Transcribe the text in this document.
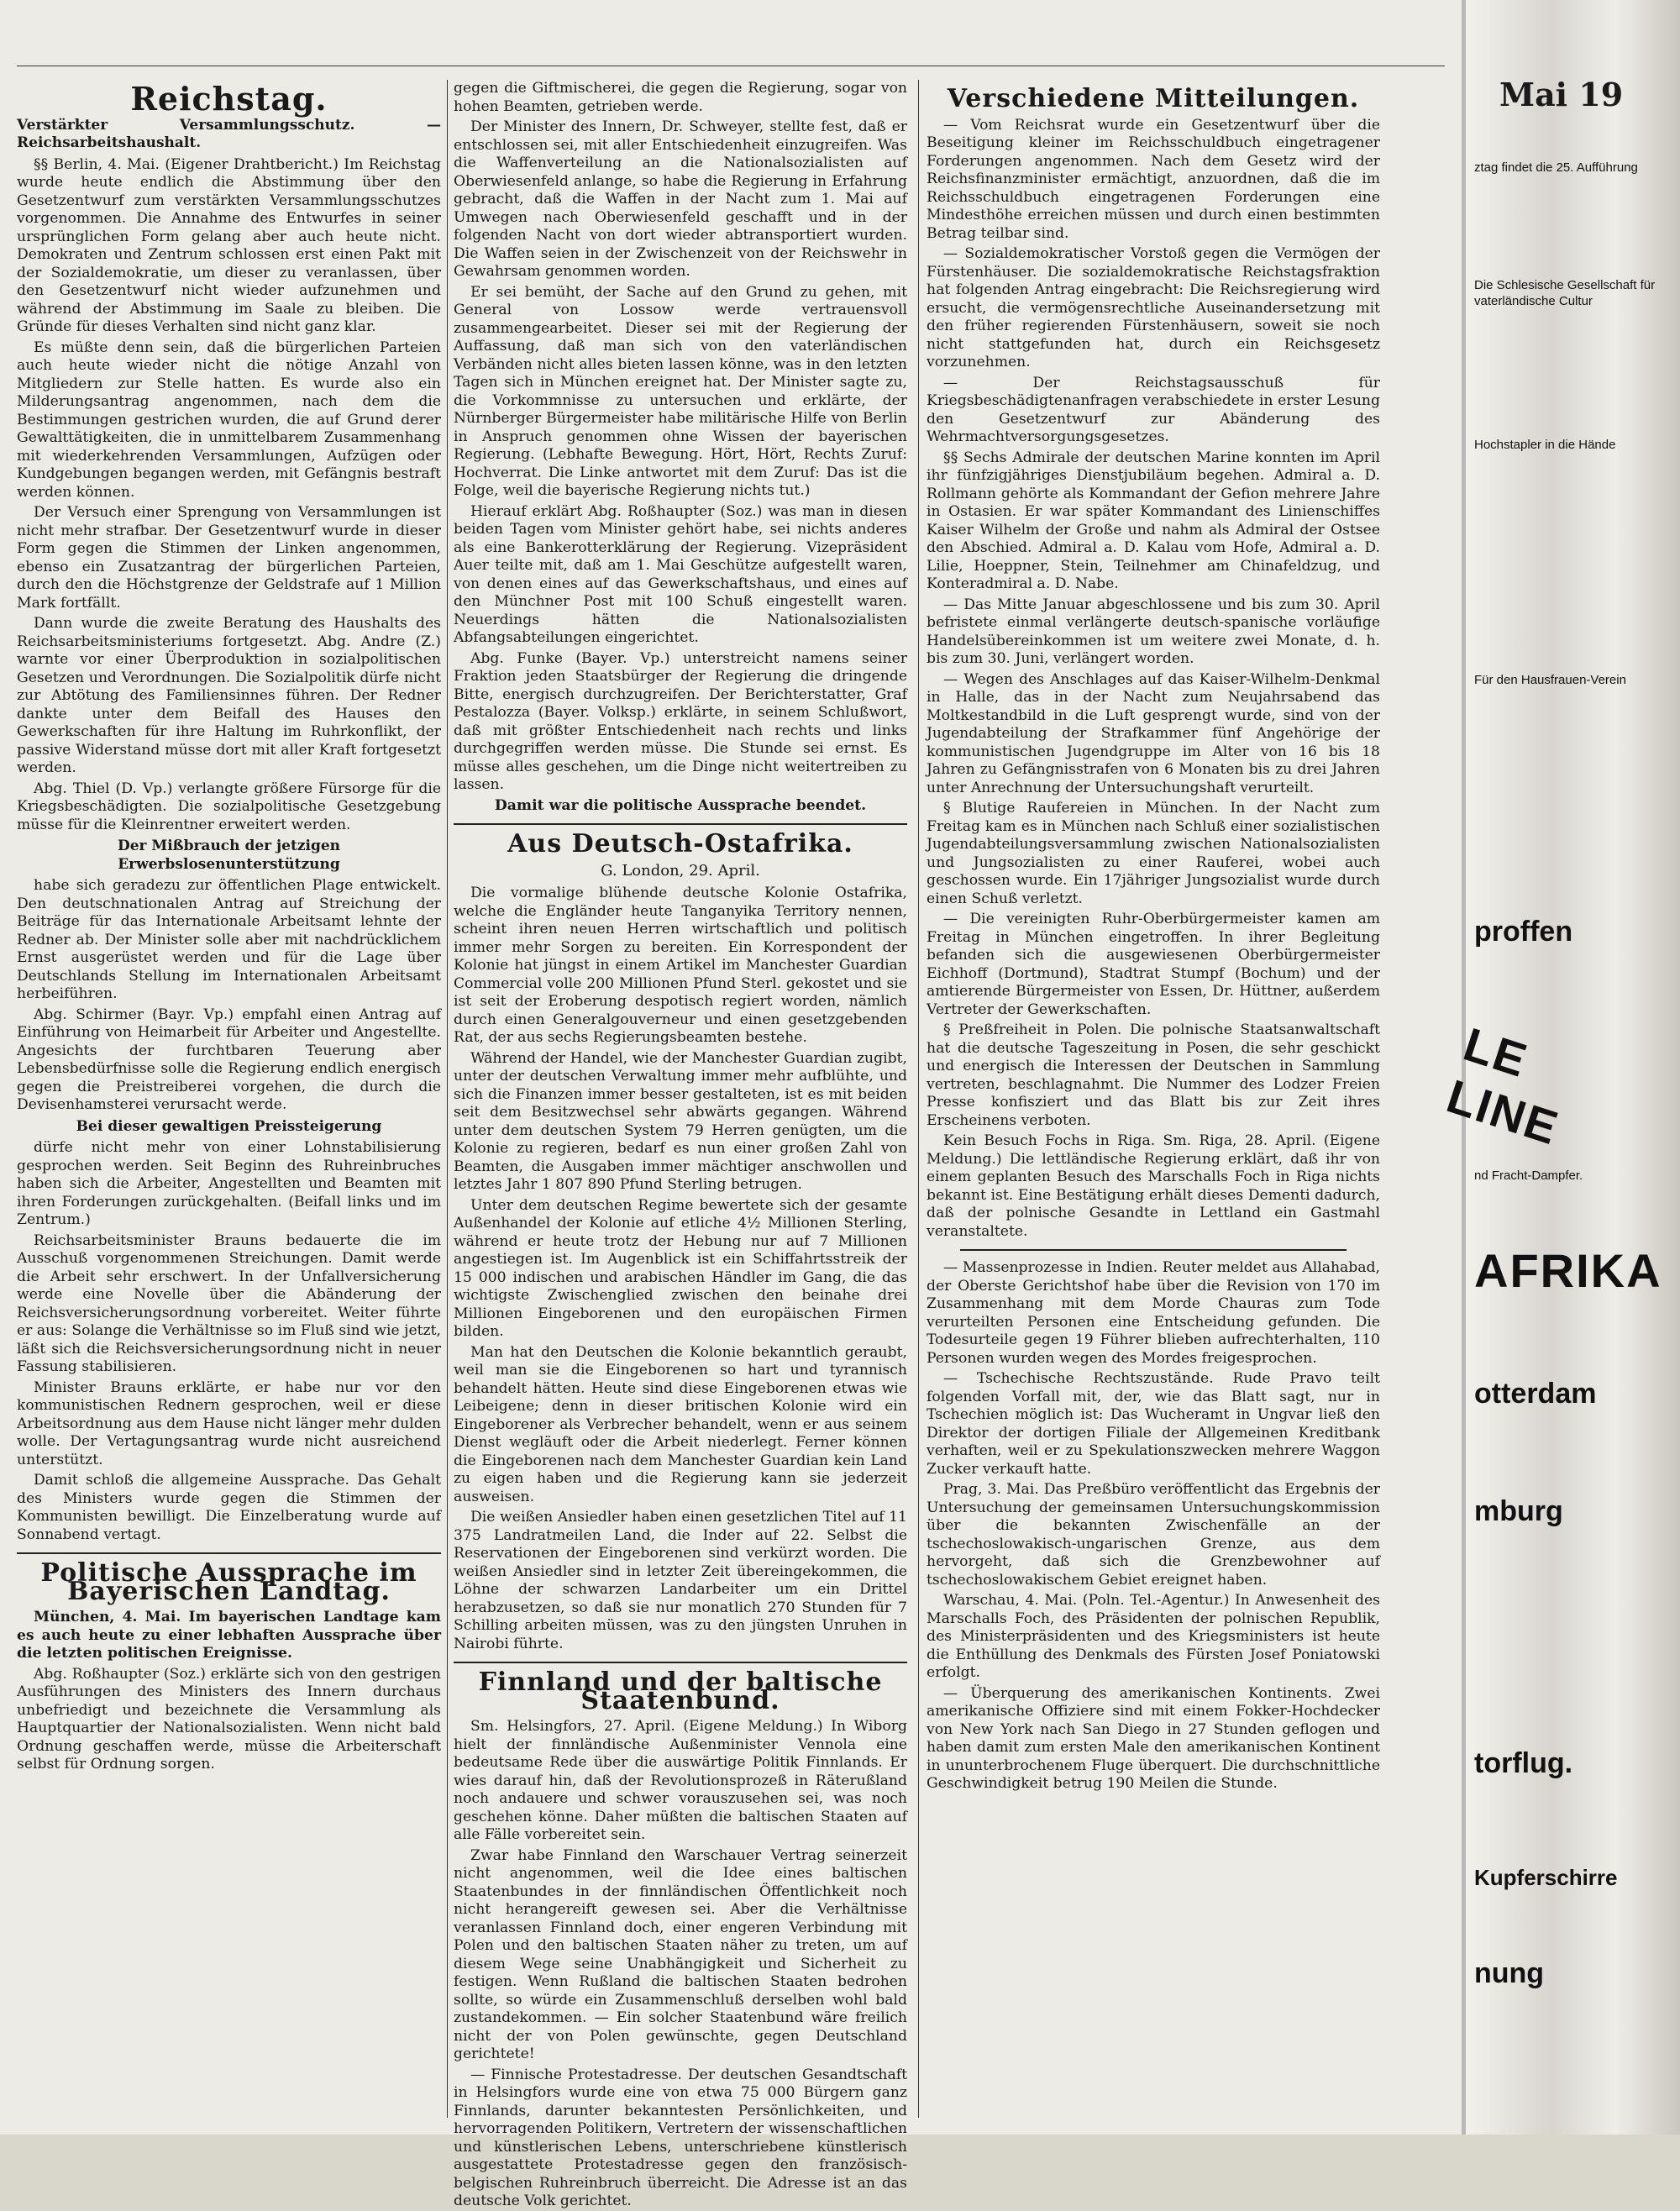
Reichstag.
Verstärkter Versammlungsschutz. — Reichsarbeitshaushalt.

§§ Berlin, 4. Mai. (Eigener Drahtbericht.) Im Reichstag wurde heute endlich die Abstimmung über den Gesetzentwurf zum verstärkten Versammlungsschutzes vorgenommen. Die Annahme des Entwurfes in seiner ursprünglichen Form gelang aber auch heute nicht. Demokraten und Zentrum schlossen erst einen Pakt mit der Sozialdemokratie, um dieser zu veranlassen, über den Gesetzentwurf nicht wieder aufzunehmen und während der Abstimmung im Saale zu bleiben. Die Gründe für dieses Verhalten sind nicht ganz klar.

Es müßte denn sein, daß die bürgerlichen Parteien auch heute wieder nicht die nötige Anzahl von Mitgliedern zur Stelle hatten. Es wurde also ein Milderungsantrag angenommen, nach dem die Bestimmungen gestrichen wurden, die auf Grund derer Gewalttätigkeiten, die in unmittelbarem Zusammenhang mit wiederkehrenden Versammlungen, Aufzügen oder Kundgebungen begangen werden, mit Gefängnis bestraft werden können.

Der Versuch einer Sprengung von Versammlungen ist nicht mehr strafbar. Der Gesetzentwurf wurde in dieser Form gegen die Stimmen der Linken angenommen, ebenso ein Zusatzantrag der bürgerlichen Parteien, durch den die Höchstgrenze der Geldstrafe auf 1 Million Mark fortfällt.

Dann wurde die zweite Beratung des Haushalts des Reichsarbeitsministeriums fortgesetzt. Abg. Andre (Z.) warnte vor einer Überproduktion in sozialpolitischen Gesetzen und Verordnungen. Die Sozialpolitik dürfe nicht zur Abtötung des Familiensinnes führen. Der Redner dankte unter dem Beifall des Hauses den Gewerkschaften für ihre Haltung im Ruhrkonflikt, der passive Widerstand müsse dort mit aller Kraft fortgesetzt werden.

Abg. Thiel (D. Vp.) verlangte größere Fürsorge für die Kriegsbeschädigten. Die sozialpolitische Gesetzgebung müsse für die Kleinrentner erweitert werden.

Der Mißbrauch der jetzigen Erwerbslosenunterstützung

habe sich geradezu zur öffentlichen Plage entwickelt. Den deutschnationalen Antrag auf Streichung der Beiträge für das Internationale Arbeitsamt lehnte der Redner ab. Der Minister solle aber mit nachdrücklichem Ernst ausgerüstet werden und für die Lage über Deutschlands Stellung im Internationalen Arbeitsamt herbeiführen.

Abg. Schirmer (Bayr. Vp.) empfahl einen Antrag auf Einführung von Heimarbeit für Arbeiter und Angestellte. Angesichts der furchtbaren Teuerung aber Lebensbedürfnisse solle die Regierung endlich energisch gegen die Preistreiberei vorgehen, die durch die Devisenhamsterei verursacht werde.

Bei dieser gewaltigen Preissteigerung

dürfe nicht mehr von einer Lohnstabilisierung gesprochen werden. Seit Beginn des Ruhreinbruches haben sich die Arbeiter, Angestellten und Beamten mit ihren Forderungen zurückgehalten. (Beifall links und im Zentrum.)

Reichsarbeitsminister Brauns bedauerte die im Ausschuß vorgenommenen Streichungen. Damit werde die Arbeit sehr erschwert. In der Unfallversicherung werde eine Novelle über die Abänderung der Reichsversicherungsordnung vorbereitet. Weiter führte er aus: Solange die Verhältnisse so im Fluß sind wie jetzt, läßt sich die Reichsversicherungsordnung nicht in neuer Fassung stabilisieren.

Minister Brauns erklärte, er habe nur vor den kommunistischen Rednern gesprochen, weil er diese Arbeitsordnung aus dem Hause nicht länger mehr dulden wolle. Der Vertagungsantrag wurde nicht ausreichend unterstützt.

Damit schloß die allgemeine Aussprache. Das Gehalt des Ministers wurde gegen die Stimmen der Kommunisten bewilligt. Die Einzelberatung wurde auf Sonnabend vertagt.

Politische Aussprache im Bayerischen Landtag.

München, 4. Mai. Im bayerischen Landtage kam es auch heute zu einer lebhaften Aussprache über die letzten politischen Ereignisse.

Abg. Roßhaupter (Soz.) erklärte sich von den gestrigen Ausführungen des Ministers des Innern durchaus unbefriedigt und bezeichnete die Versammlung als Hauptquartier der Nationalsozialisten. Wenn nicht bald Ordnung geschaffen werde, müsse die Arbeiterschaft selbst für Ordnung sorgen.

gegen die Giftmischerei, die gegen die Regierung, sogar von hohen Beamten, getrieben werde.

Der Minister des Innern, Dr. Schweyer, stellte fest, daß er entschlossen sei, mit aller Entschiedenheit einzugreifen. Was die Waffenverteilung an die Nationalsozialisten auf Oberwiesenfeld anlange, so habe die Regierung in Erfahrung gebracht, daß die Waffen in der Nacht zum 1. Mai auf Umwegen nach Oberwiesenfeld geschafft und in der folgenden Nacht von dort wieder abtransportiert wurden. Die Waffen seien in der Zwischenzeit von der Reichswehr in Gewahrsam genommen worden.

Er sei bemüht, der Sache auf den Grund zu gehen, mit General von Lossow werde vertrauensvoll zusammengearbeitet. Dieser sei mit der Regierung der Auffassung, daß man sich von den vaterländischen Verbänden nicht alles bieten lassen könne, was in den letzten Tagen sich in München ereignet hat. Der Minister sagte zu, die Vorkommnisse zu untersuchen und erklärte, der Nürnberger Bürgermeister habe militärische Hilfe von Berlin in Anspruch genommen ohne Wissen der bayerischen Regierung. (Lebhafte Bewegung. Hört, Hört, Rechts Zuruf: Hochverrat. Die Linke antwortet mit dem Zuruf: Das ist die Folge, weil die bayerische Regierung nichts tut.)

Hierauf erklärt Abg. Roßhaupter (Soz.) was man in diesen beiden Tagen vom Minister gehört habe, sei nichts anderes als eine Bankerotterklärung der Regierung. Vizepräsident Auer teilte mit, daß am 1. Mai Geschütze aufgestellt waren, von denen eines auf das Gewerkschaftshaus, und eines auf den Münchner Post mit 100 Schuß eingestellt waren. Neuerdings hätten die Nationalsozialisten Abfangsabteilungen eingerichtet.

Abg. Funke (Bayer. Vp.) unterstreicht namens seiner Fraktion jeden Staatsbürger der Regierung die dringende Bitte, energisch durchzugreifen. Der Berichterstatter, Graf Pestalozza (Bayer. Volksp.) erklärte, in seinem Schlußwort, daß mit größter Entschiedenheit nach rechts und links durchgegriffen werden müsse. Die Stunde sei ernst. Es müsse alles geschehen, um die Dinge nicht weitertreiben zu lassen.

Damit war die politische Aussprache beendet.

Aus Deutsch-Ostafrika.
G. London, 29. April.

Die vormalige blühende deutsche Kolonie Ostafrika, welche die Engländer heute Tanganyika Territory nennen, scheint ihren neuen Herren wirtschaftlich und politisch immer mehr Sorgen zu bereiten. Ein Korrespondent der Kolonie hat jüngst in einem Artikel im Manchester Guardian Commercial volle 200 Millionen Pfund Sterl. gekostet und sie ist seit der Eroberung despotisch regiert worden, nämlich durch einen Generalgouverneur und einen gesetzgebenden Rat, der aus sechs Regierungsbeamten bestehe.

Während der Handel, wie der Manchester Guardian zugibt, unter der deutschen Verwaltung immer mehr aufblühte, und sich die Finanzen immer besser gestalteten, ist es mit beiden seit dem Besitzwechsel sehr abwärts gegangen. Während unter dem deutschen System 79 Herren genügten, um die Kolonie zu regieren, bedarf es nun einer großen Zahl von Beamten, die Ausgaben immer mächtiger anschwollen und letztes Jahr 1 807 890 Pfund Sterling betrugen.

Unter dem deutschen Regime bewertete sich der gesamte Außenhandel der Kolonie auf etliche 4½ Millionen Sterling, während er heute trotz der Hebung nur auf 7 Millionen angestiegen ist. Im Augenblick ist ein Schiffahrtsstreik der 15 000 indischen und arabischen Händler im Gang, die das wichtigste Zwischenglied zwischen den beinahe drei Millionen Eingeborenen und den europäischen Firmen bilden.

Man hat den Deutschen die Kolonie bekanntlich geraubt, weil man sie die Eingeborenen so hart und tyrannisch behandelt hätten. Heute sind diese Eingeborenen etwas wie Leibeigene; denn in dieser britischen Kolonie wird ein Eingeborener als Verbrecher behandelt, wenn er aus seinem Dienst wegläuft oder die Arbeit niederlegt. Ferner können die Eingeborenen nach dem Manchester Guardian kein Land zu eigen haben und die Regierung kann sie jederzeit ausweisen.

Die weißen Ansiedler haben einen gesetzlichen Titel auf 11 375 Landratmeilen Land, die Inder auf 22. Selbst die Reservationen der Eingeborenen sind verkürzt worden. Die weißen Ansiedler sind in letzter Zeit übereingekommen, die Löhne der schwarzen Landarbeiter um ein Drittel herabzusetzen, so daß sie nur monatlich 270 Stunden für 7 Schilling arbeiten müssen, was zu den jüngsten Unruhen in Nairobi führte.

Finnland und der baltische Staatenbund.

Sm. Helsingfors, 27. April. (Eigene Meldung.) In Wiborg hielt der finnländische Außenminister Vennola eine bedeutsame Rede über die auswärtige Politik Finnlands. Er wies darauf hin, daß der Revolutionsprozeß in Räterußland noch andauere und schwer vorauszusehen sei, was noch geschehen könne. Daher müßten die baltischen Staaten auf alle Fälle vorbereitet sein.

Zwar habe Finnland den Warschauer Vertrag seinerzeit nicht angenommen, weil die Idee eines baltischen Staatenbundes in der finnländischen Öffentlichkeit noch nicht herangereift gewesen sei. Aber die Verhältnisse veranlassen Finnland doch, einer engeren Verbindung mit Polen und den baltischen Staaten näher zu treten, um auf diesem Wege seine Unabhängigkeit und Sicherheit zu festigen. Wenn Rußland die baltischen Staaten bedrohen sollte, so würde ein Zusammenschluß derselben wohl bald zustandekommen. — Ein solcher Staatenbund wäre freilich nicht der von Polen gewünschte, gegen Deutschland gerichtete!

— Finnische Protestadresse. Der deutschen Gesandtschaft in Helsingfors wurde eine von etwa 75 000 Bürgern ganz Finnlands, darunter bekanntesten Persönlichkeiten, und hervorragenden Politikern, Vertretern der wissenschaftlichen und künstlerischen Lebens, unterschriebene künstlerisch ausgestattete Protestadresse gegen den französisch-belgischen Ruhreinbruch überreicht. Die Adresse ist an das deutsche Volk gerichtet.

Verschiedene Mitteilungen.

— Vom Reichsrat wurde ein Gesetzentwurf über die Beseitigung kleiner im Reichsschuldbuch eingetragener Forderungen angenommen. Nach dem Gesetz wird der Reichsfinanzminister ermächtigt, anzuordnen, daß die im Reichsschuldbuch eingetragenen Forderungen eine Mindesthöhe erreichen müssen und durch einen bestimmten Betrag teilbar sind.

— Sozialdemokratischer Vorstoß gegen die Vermögen der Fürstenhäuser. Die sozialdemokratische Reichstagsfraktion hat folgenden Antrag eingebracht: Die Reichsregierung wird ersucht, die vermögensrechtliche Auseinandersetzung mit den früher regierenden Fürstenhäusern, soweit sie noch nicht stattgefunden hat, durch ein Reichsgesetz vorzunehmen.

— Der Reichstagsausschuß für Kriegsbeschädigtenanfragen verabschiedete in erster Lesung den Gesetzentwurf zur Abänderung des Wehrmachtversorgungsgesetzes.

§§ Sechs Admirale der deutschen Marine konnten im April ihr fünfzigjähriges Dienstjubiläum begehen. Admiral a. D. Rollmann gehörte als Kommandant der Gefion mehrere Jahre in Ostasien. Er war später Kommandant des Linienschiffes Kaiser Wilhelm der Große und nahm als Admiral der Ostsee den Abschied. Admiral a. D. Kalau vom Hofe, Admiral a. D. Lilie, Hoeppner, Stein, Teilnehmer am Chinafeldzug, und Konteradmiral a. D. Nabe.

— Das Mitte Januar abgeschlossene und bis zum 30. April befristete einmal verlängerte deutsch-spanische vorläufige Handelsübereinkommen ist um weitere zwei Monate, d. h. bis zum 30. Juni, verlängert worden.

— Wegen des Anschlages auf das Kaiser-Wilhelm-Denkmal in Halle, das in der Nacht zum Neujahrsabend das Moltkestandbild in die Luft gesprengt wurde, sind von der Jugendabteilung der Strafkammer fünf Angehörige der kommunistischen Jugendgruppe im Alter von 16 bis 18 Jahren zu Gefängnisstrafen von 6 Monaten bis zu drei Jahren unter Anrechnung der Untersuchungshaft verurteilt.

§ Blutige Raufereien in München. In der Nacht zum Freitag kam es in München nach Schluß einer sozialistischen Jugendabteilungsversammlung zwischen Nationalsozialisten und Jungsozialisten zu einer Rauferei, wobei auch geschossen wurde. Ein 17jähriger Jungsozialist wurde durch einen Schuß verletzt.

— Die vereinigten Ruhr-Oberbürgermeister kamen am Freitag in München eingetroffen. In ihrer Begleitung befanden sich die ausgewiesenen Oberbürgermeister Eichhoff (Dortmund), Stadtrat Stumpf (Bochum) und der amtierende Bürgermeister von Essen, Dr. Hüttner, außerdem Vertreter der Gewerkschaften.

§ Preßfreiheit in Polen. Die polnische Staatsanwaltschaft hat die deutsche Tageszeitung in Posen, die sehr geschickt und energisch die Interessen der Deutschen in Sammlung vertreten, beschlagnahmt. Die Nummer des Lodzer Freien Presse konfisziert und das Blatt bis zur Zeit ihres Erscheinens verboten.

Kein Besuch Fochs in Riga. Sm. Riga, 28. April. (Eigene Meldung.) Die lettländische Regierung erklärt, daß ihr von einem geplanten Besuch des Marschalls Foch in Riga nichts bekannt ist. Eine Bestätigung erhält dieses Dementi dadurch, daß der polnische Gesandte in Lettland ein Gastmahl veranstaltete.

— Massenprozesse in Indien. Reuter meldet aus Allahabad, der Oberste Gerichtshof habe über die Revision von 170 im Zusammenhang mit dem Morde Chauras zum Tode verurteilten Personen eine Entscheidung gefunden. Die Todesurteile gegen 19 Führer blieben aufrechterhalten, 110 Personen wurden wegen des Mordes freigesprochen.

— Tschechische Rechtszustände. Rude Pravo teilt folgenden Vorfall mit, der, wie das Blatt sagt, nur in Tschechien möglich ist: Das Wucheramt in Ungvar ließ den Direktor der dortigen Filiale der Allgemeinen Kreditbank verhaften, weil er zu Spekulationszwecken mehrere Waggon Zucker verkauft hatte.

Prag, 3. Mai. Das Preßbüro veröffentlicht das Ergebnis der Untersuchung der gemeinsamen Untersuchungskommission über die bekannten Zwischenfälle an der tschechoslowakisch-ungarischen Grenze, aus dem hervorgeht, daß sich die Grenzbewohner auf tschechoslowakischem Gebiet ereignet haben.

Warschau, 4. Mai. (Poln. Tel.-Agentur.) In Anwesenheit des Marschalls Foch, des Präsidenten der polnischen Republik, des Ministerpräsidenten und des Kriegsministers ist heute die Enthüllung des Denkmals des Fürsten Josef Poniatowski erfolgt.

— Überquerung des amerikanischen Kontinents. Zwei amerikanische Offiziere sind mit einem Fokker-Hochdecker von New York nach San Diego in 27 Stunden geflogen und haben damit zum ersten Male den amerikanischen Kontinent in ununterbrochenem Fluge überquert. Die durchschnittliche Geschwindigkeit betrug 190 Meilen die Stunde.

Mai 19
ztag findet die 25. Aufführung
Die Schlesische Gesellschaft für vaterländische Cultur
Hochstapler in die Hände
Für den Hausfrauen-Verein
proffen
LE LINE
nd Fracht-Dampfer.
AFRIKA
otterdam
mburg
torflug.
Kupferschirre
nung
